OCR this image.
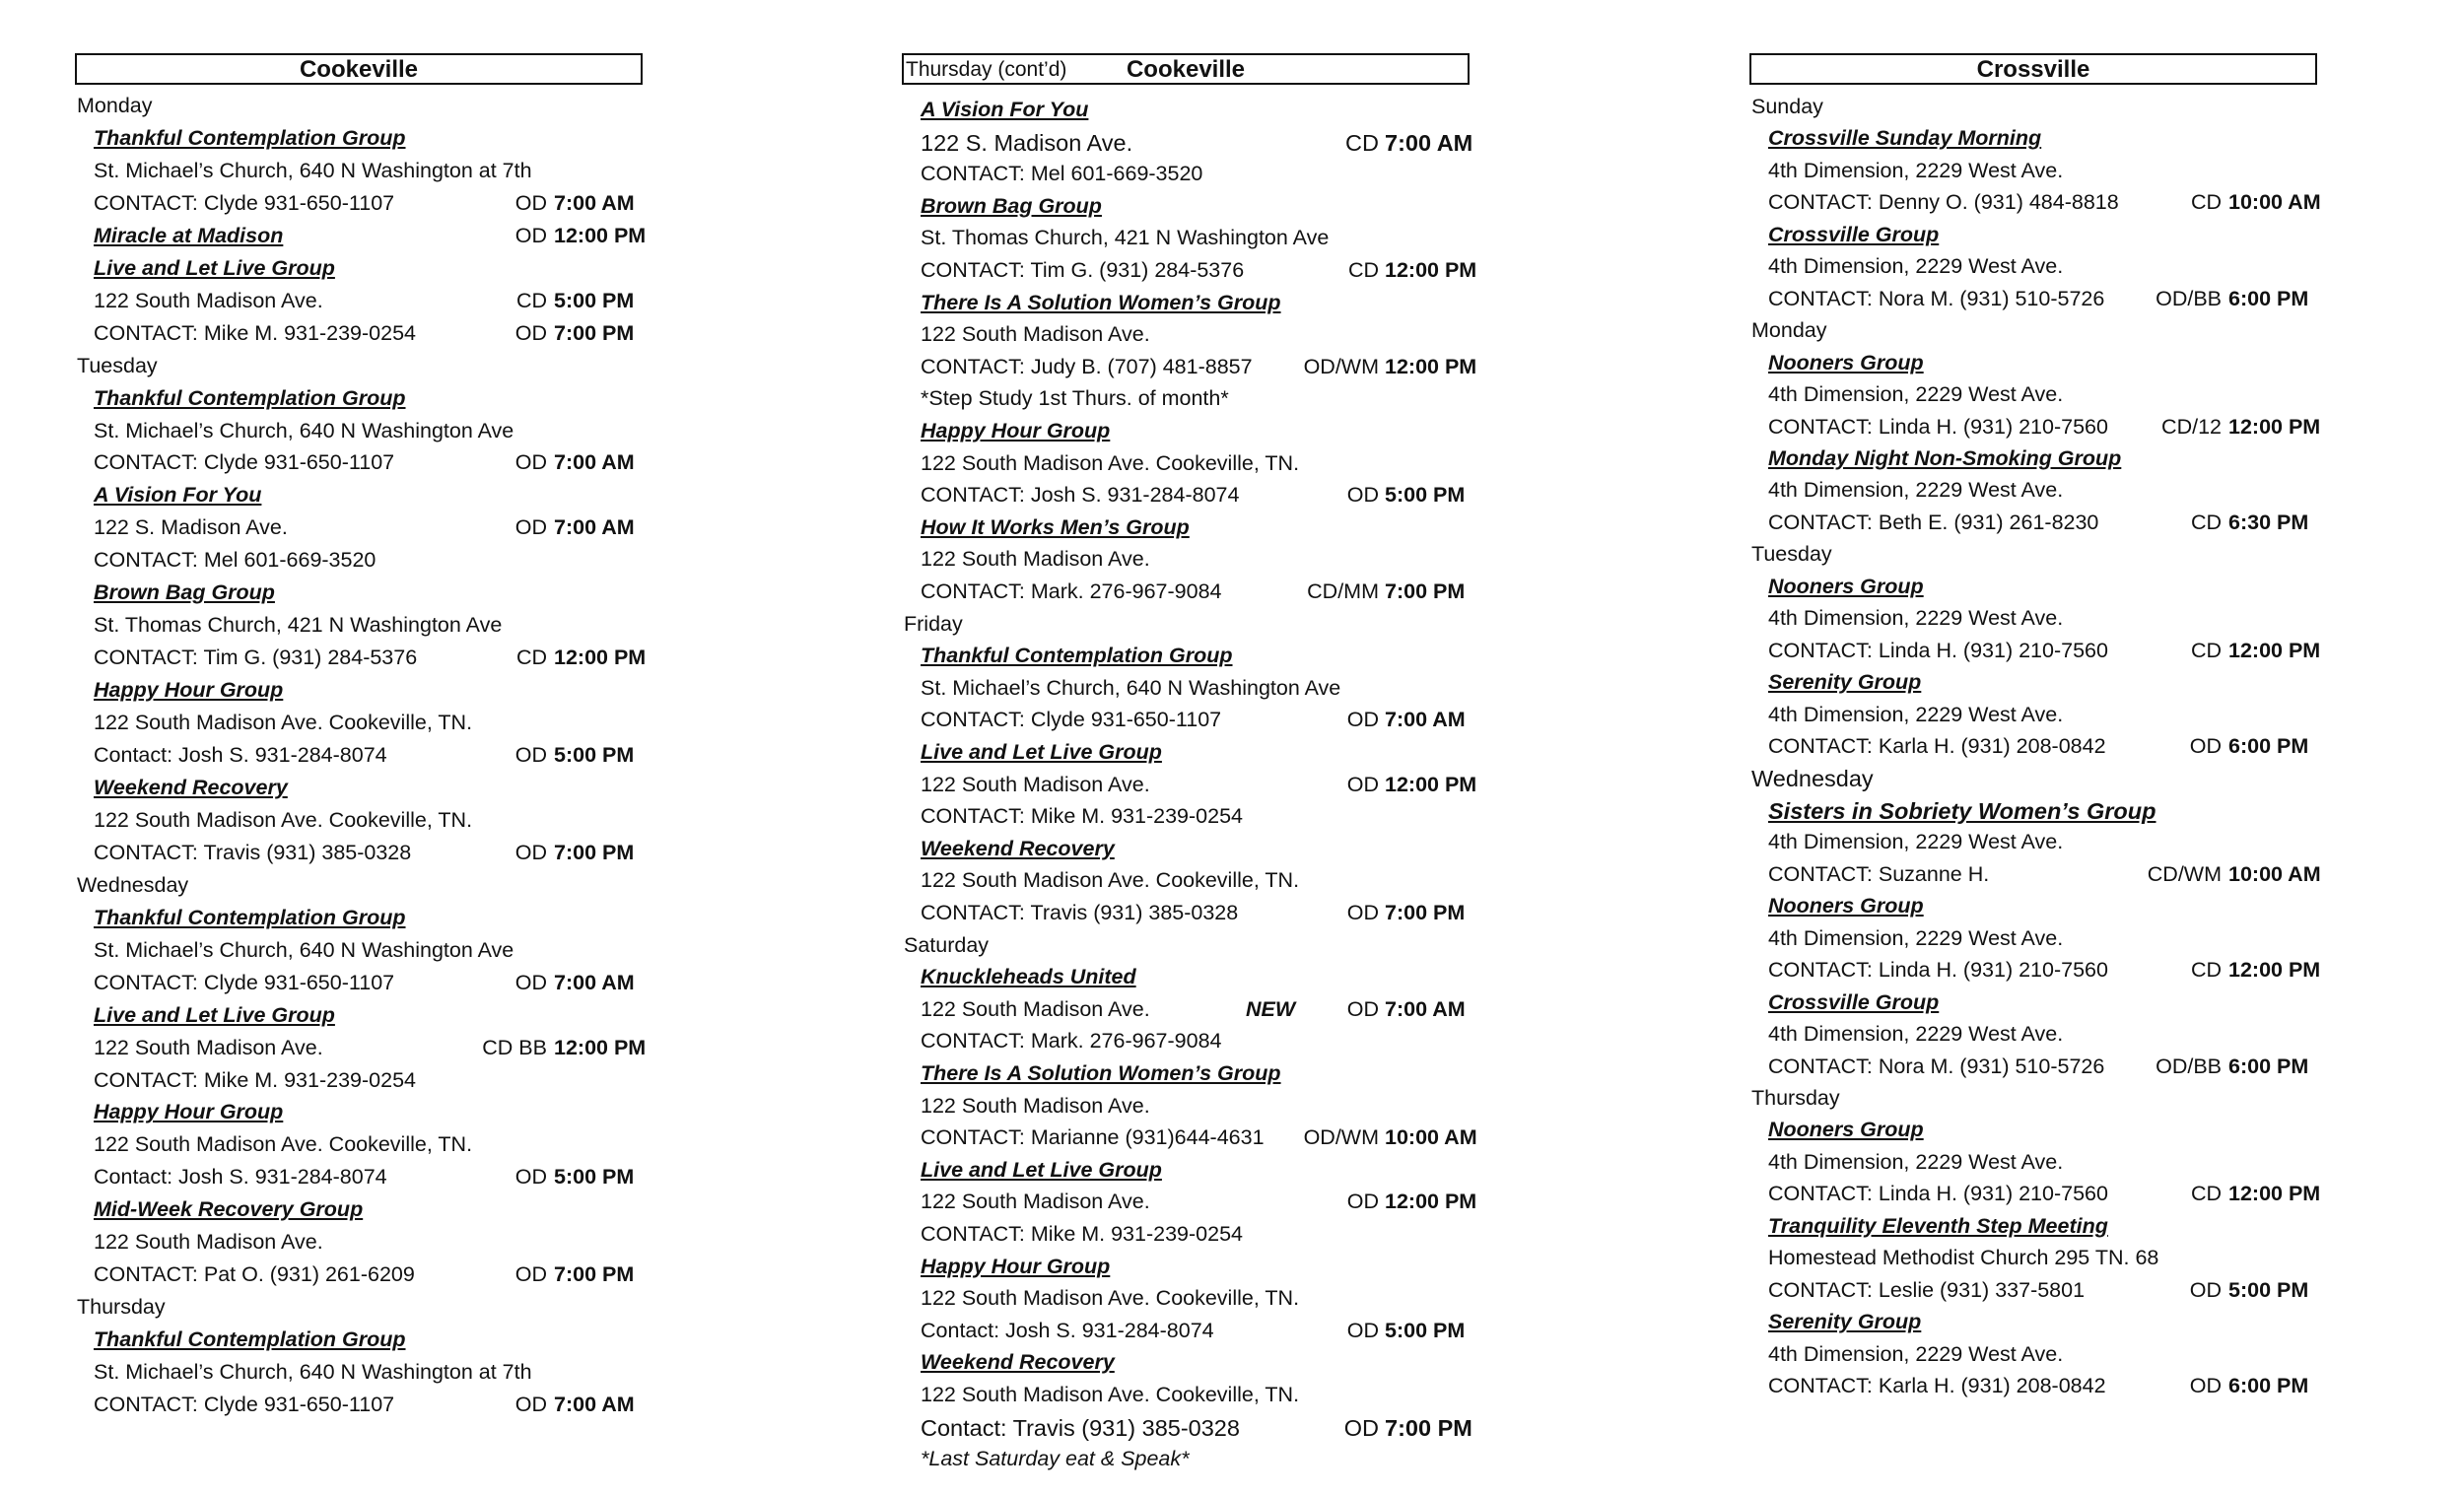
Cookeville
Monday
Thankful Contemplation Group
St. Michael’s Church, 640 N Washington at 7th
CONTACT: Clyde 931-650-1107	OD 7:00 AM
Miracle at Madison	OD 12:00 PM
Live and Let Live Group
122 South Madison Ave.	CD 5:00 PM
CONTACT: Mike M. 931-239-0254	OD 7:00 PM
Tuesday
Thankful Contemplation Group
St. Michael’s Church, 640 N Washington Ave
CONTACT: Clyde 931-650-1107	OD 7:00 AM
A Vision For You
122 S. Madison Ave.	OD 7:00 AM
CONTACT: Mel 601-669-3520
Brown Bag Group
St. Thomas Church, 421 N Washington Ave
CONTACT: Tim G. (931) 284-5376	CD 12:00 PM
Happy Hour Group
122 South Madison Ave. Cookeville, TN.
Contact: Josh S. 931-284-8074	OD 5:00 PM
Weekend Recovery
122 South Madison Ave. Cookeville, TN.
CONTACT: Travis (931) 385-0328	OD 7:00 PM
Wednesday
Thankful Contemplation Group
St. Michael’s Church, 640 N Washington Ave
CONTACT: Clyde 931-650-1107	OD 7:00 AM
Live and Let Live Group
122 South Madison Ave.	CD BB 12:00 PM
CONTACT: Mike M. 931-239-0254
Happy Hour Group
122 South Madison Ave. Cookeville, TN.
Contact: Josh S. 931-284-8074	OD 5:00 PM
Mid-Week Recovery Group
122 South Madison Ave.
CONTACT: Pat O. (931) 261-6209	OD 7:00 PM
Thursday
Thankful Contemplation Group
St. Michael’s Church, 640 N Washington at 7th
CONTACT: Clyde 931-650-1107	OD 7:00 AM
Thursday (cont’d)	Cookeville
A Vision For You
122 S. Madison Ave.	CD 7:00 AM
CONTACT: Mel 601-669-3520
Brown Bag Group
St. Thomas Church, 421 N Washington Ave
CONTACT: Tim G. (931) 284-5376	CD 12:00 PM
There Is A Solution Women’s Group
122 South Madison Ave.
CONTACT: Judy B. (707) 481-8857 OD/WM 12:00 PM
*Step Study 1st Thurs. of month*
Happy Hour Group
122 South Madison Ave. Cookeville, TN.
CONTACT: Josh S. 931-284-8074	OD 5:00 PM
How It Works Men’s Group
122 South Madison Ave.
CONTACT: Mark. 276-967-9084	CD/MM 7:00 PM
Friday
Thankful Contemplation Group
St. Michael’s Church, 640 N Washington Ave
CONTACT: Clyde 931-650-1107	OD 7:00 AM
Live and Let Live Group
122 South Madison Ave.	OD 12:00 PM
CONTACT: Mike M. 931-239-0254
Weekend Recovery
122 South Madison Ave. Cookeville, TN.
CONTACT: Travis (931) 385-0328	OD 7:00 PM
Saturday
Knuckleheads United
122 South Madison Ave.	NEW OD 7:00 AM
CONTACT: Mark. 276-967-9084
There Is A Solution Women’s Group
122 South Madison Ave.
CONTACT: Marianne (931)644-4631 OD/WM 10:00 AM
Live and Let Live Group
122 South Madison Ave.	OD 12:00 PM
CONTACT: Mike M. 931-239-0254
Happy Hour Group
122 South Madison Ave. Cookeville, TN.
Contact: Josh S. 931-284-8074	OD 5:00 PM
Weekend Recovery
122 South Madison Ave. Cookeville, TN.
Contact: Travis (931) 385-0328	OD 7:00 PM
*Last Saturday eat & Speak*
Crossville
Sunday
Crossville Sunday Morning
4th Dimension, 2229 West Ave.
CONTACT: Denny O. (931) 484-8818	CD 10:00 AM
Crossville Group
4th Dimension, 2229 West Ave.
CONTACT: Nora M. (931) 510-5726 OD/BB 6:00 PM
Monday
Nooners Group
4th Dimension, 2229 West Ave.
CONTACT: Linda H. (931) 210-7560	CD/12 12:00 PM
Monday Night Non-Smoking Group
4th Dimension, 2229 West Ave.
CONTACT: Beth E. (931) 261-8230	CD 6:30 PM
Tuesday
Nooners Group
4th Dimension, 2229 West Ave.
CONTACT: Linda H. (931) 210-7560	CD 12:00 PM
Serenity Group
4th Dimension, 2229 West Ave.
CONTACT: Karla H. (931) 208-0842	OD 6:00 PM
Wednesday
Sisters in Sobriety Women’s Group
4th Dimension, 2229 West Ave.
CONTACT: Suzanne H.	CD/WM 10:00 AM
Nooners Group
4th Dimension, 2229 West Ave.
CONTACT: Linda H. (931) 210-7560	CD 12:00 PM
Crossville Group
4th Dimension, 2229 West Ave.
CONTACT: Nora M. (931) 510-5726 OD/BB 6:00 PM
Thursday
Nooners Group
4th Dimension, 2229 West Ave.
CONTACT: Linda H. (931) 210-7560	CD 12:00 PM
Tranquility Eleventh Step Meeting
Homestead Methodist Church 295 TN. 68
CONTACT: Leslie (931) 337-5801	OD 5:00 PM
Serenity Group
4th Dimension, 2229 West Ave.
CONTACT: Karla H. (931) 208-0842	OD 6:00 PM
